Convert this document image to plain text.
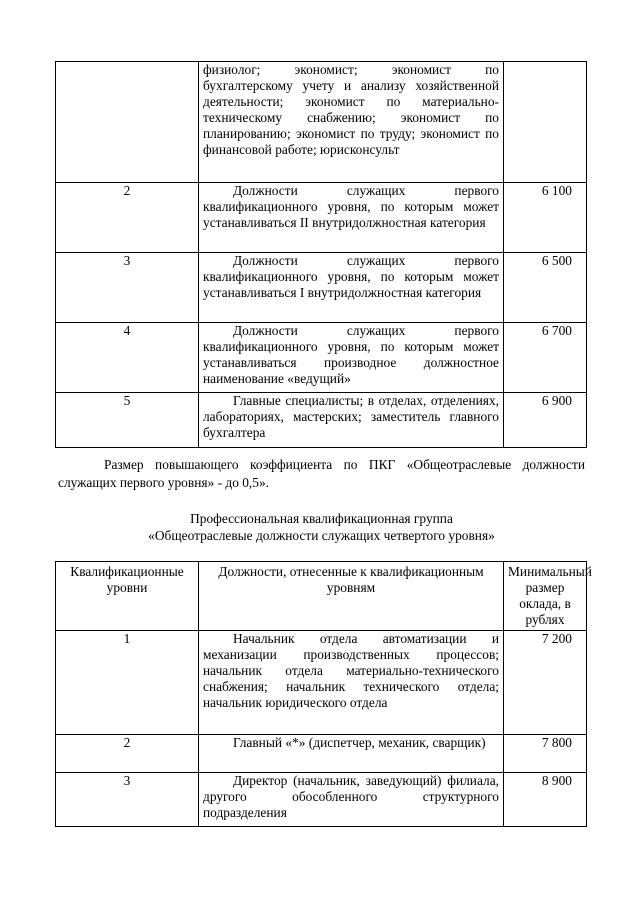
	физиолог; экономист; экономист по бухгалтерскому учету и анализу хозяйственной деятельности; экономист по материально- техническому снабжению; экономист по планированию; экономист по труду; экономист по финансовой работе; юрисконсульт	
2	Должности служащих первого квалификационного уровня, по которым может устанавливаться II внутридолжностная категория	6 100
3	Должности служащих первого квалификационного уровня, по которым может устанавливаться I внутридолжностная категория	6 500
4	Должности служащих первого квалификационного уровня, по которым может устанавливаться производное должностное наименование «ведущий»	6 700
5	Главные специалисты; в отделах, отделениях, лабораториях, мастерских; заместитель главного бухгалтера	6 900
Размер повышающего коэффициента по ПКГ «Общеотраслевые должности служащих первого уровня» - до 0,5».
Профессиональная квалификационная группа
«Общеотраслевые должности служащих четвертого уровня»
Квалификационные уровни	Должности, отнесенные к квалификационным уровням	Минимальный размер оклада, в рублях
1	Начальник отдела автоматизации и механизации производственных процессов; начальник отдела материально-технического снабжения; начальник технического отдела; начальник юридического отдела	7 200
2	Главный «*» (диспетчер, механик, сварщик)	7 800
3	Директор (начальник, заведующий) филиала, другого обособленного структурного подразделения	8 900
